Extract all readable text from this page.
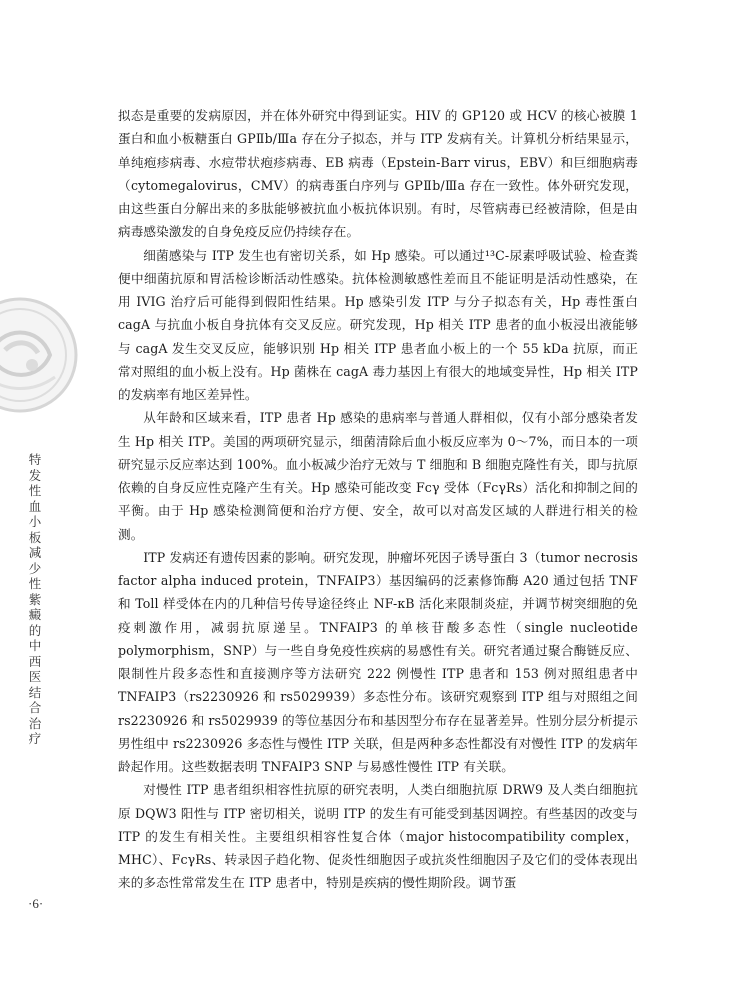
特发性血小板减少性紫癜的中西医结合治疗

拟态是重要的发病原因，并在体外研究中得到证实。HIV 的 GP120 或 HCV 的核心被膜 1 蛋白和血小板糖蛋白 GPⅡb/Ⅲa 存在分子拟态，并与 ITP 发病有关。计算机分析结果显示，单纯疱疹病毒、水痘带状疱疹病毒、EB 病毒（Epstein-Barr virus，EBV）和巨细胞病毒（cytomegalovirus，CMV）的病毒蛋白序列与 GPⅡb/Ⅲa 存在一致性。体外研究发现，由这些蛋白分解出来的多肽能够被抗血小板抗体识别。有时，尽管病毒已经被清除，但是由病毒感染激发的自身免疫反应仍持续存在。

细菌感染与 ITP 发生也有密切关系，如 Hp 感染。可以通过¹³C-尿素呼吸试验、检查粪便中细菌抗原和胃活检诊断活动性感染。抗体检测敏感性差而且不能证明是活动性感染，在用 IVIG 治疗后可能得到假阳性结果。Hp 感染引发 ITP 与分子拟态有关，Hp 毒性蛋白 cagA 与抗血小板自身抗体有交叉反应。研究发现，Hp 相关 ITP 患者的血小板浸出液能够与 cagA 发生交叉反应，能够识别 Hp 相关 ITP 患者血小板上的一个 55 kDa 抗原，而正常对照组的血小板上没有。Hp 菌株在 cagA 毒力基因上有很大的地域变异性，Hp 相关 ITP 的发病率有地区差异性。

从年龄和区域来看，ITP 患者 Hp 感染的患病率与普通人群相似，仅有小部分感染者发生 Hp 相关 ITP。美国的两项研究显示，细菌清除后血小板反应率为 0～7%，而日本的一项研究显示反应率达到 100%。血小板减少治疗无效与 T 细胞和 B 细胞克隆性有关，即与抗原依赖的自身反应性克隆产生有关。Hp 感染可能改变 Fcγ 受体（FcγRs）活化和抑制之间的平衡。由于 Hp 感染检测简便和治疗方便、安全，故可以对高发区域的人群进行相关的检测。

ITP 发病还有遗传因素的影响。研究发现，肿瘤坏死因子诱导蛋白 3（tumor necrosis factor alpha induced protein，TNFAIP3）基因编码的泛素修饰酶 A20 通过包括 TNF 和 Toll 样受体在内的几种信号传导途径终止 NF-κB 活化来限制炎症，并调节树突细胞的免疫刺激作用，减弱抗原递呈。TNFAIP3 的单核苷酸多态性（single nucleotide polymorphism，SNP）与一些自身免疫性疾病的易感性有关。研究者通过聚合酶链反应、限制性片段多态性和直接测序等方法研究 222 例慢性 ITP 患者和 153 例对照组患者中 TNFAIP3（rs2230926 和 rs5029939）多态性分布。该研究观察到 ITP 组与对照组之间 rs2230926 和 rs5029939 的等位基因分布和基因型分布存在显著差异。性别分层分析提示男性组中 rs2230926 多态性与慢性 ITP 关联，但是两种多态性都没有对慢性 ITP 的发病年龄起作用。这些数据表明 TNFAIP3 SNP 与易感性慢性 ITP 有关联。

对慢性 ITP 患者组织相容性抗原的研究表明，人类白细胞抗原 DRW9 及人类白细胞抗原 DQW3 阳性与 ITP 密切相关，说明 ITP 的发生有可能受到基因调控。有些基因的改变与 ITP 的发生有相关性。主要组织相容性复合体（major histocompatibility complex，MHC）、FcγRs、转录因子趋化物、促炎性细胞因子或抗炎性细胞因子及它们的受体表现出来的多态性常常发生在 ITP 患者中，特别是疾病的慢性期阶段。调节蛋

·6·
